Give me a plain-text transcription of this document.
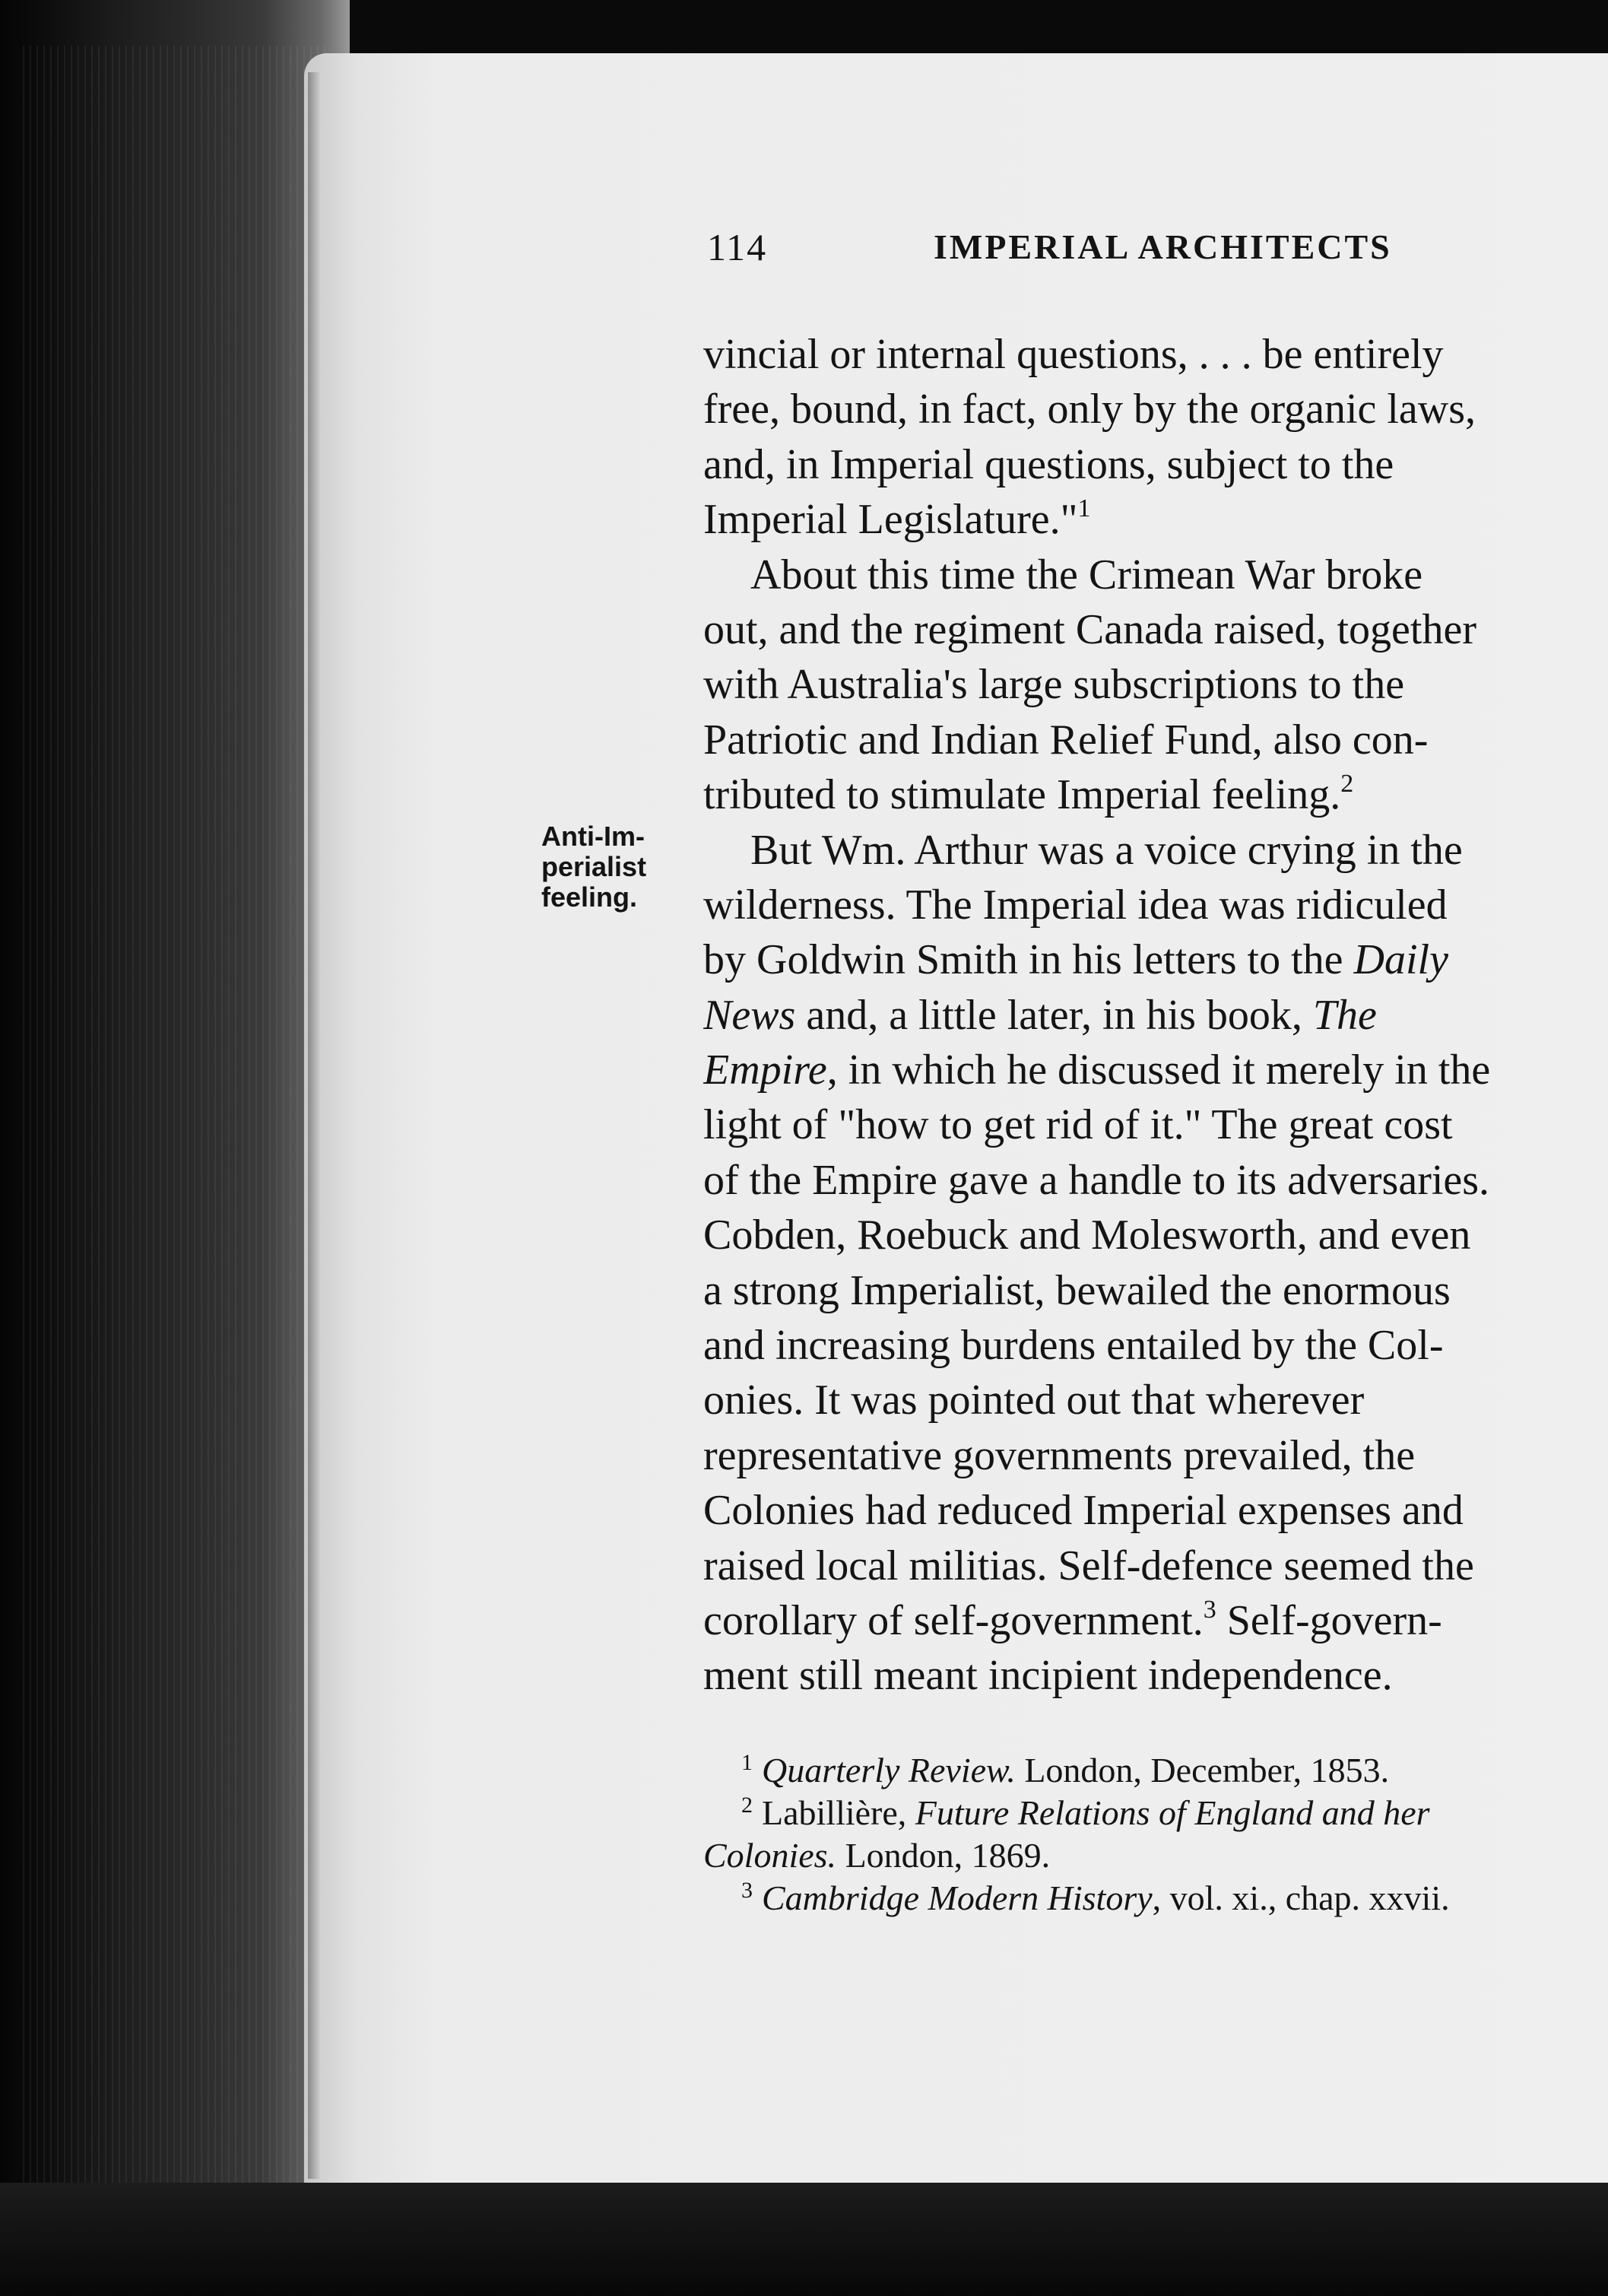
114	IMPERIAL ARCHITECTS
Anti-Im-
perialist
feeling.
vincial or internal questions, . . . be entirely
free, bound, in fact, only by the organic laws,
and, in Imperial questions, subject to the
Imperial Legislature."$^1$
About this time the Crimean War broke
out, and the regiment Canada raised, together
with Australia's large subscriptions to the
Patriotic and Indian Relief Fund, also con-
tributed to stimulate Imperial feeling.$^2$
But Wm. Arthur was a voice crying in the
wilderness. The Imperial idea was ridiculed
by Goldwin Smith in his letters to the Daily
News and, a little later, in his book, The
Empire, in which he discussed it merely in the
light of "how to get rid of it." The great cost
of the Empire gave a handle to its adversaries.
Cobden, Roebuck and Molesworth, and even
a strong Imperialist, bewailed the enormous
and increasing burdens entailed by the Col-
onies. It was pointed out that wherever
representative governments prevailed, the
Colonies had reduced Imperial expenses and
raised local militias. Self-defence seemed the
corollary of self-government.$^3$ Self-govern-
ment still meant incipient independence.
$^1$ Quarterly Review. London, December, 1853.
$^2$ Labillière, Future Relations of England and her
Colonies. London, 1869.
$^3$ Cambridge Modern History, vol. xi., chap. xxvii.
